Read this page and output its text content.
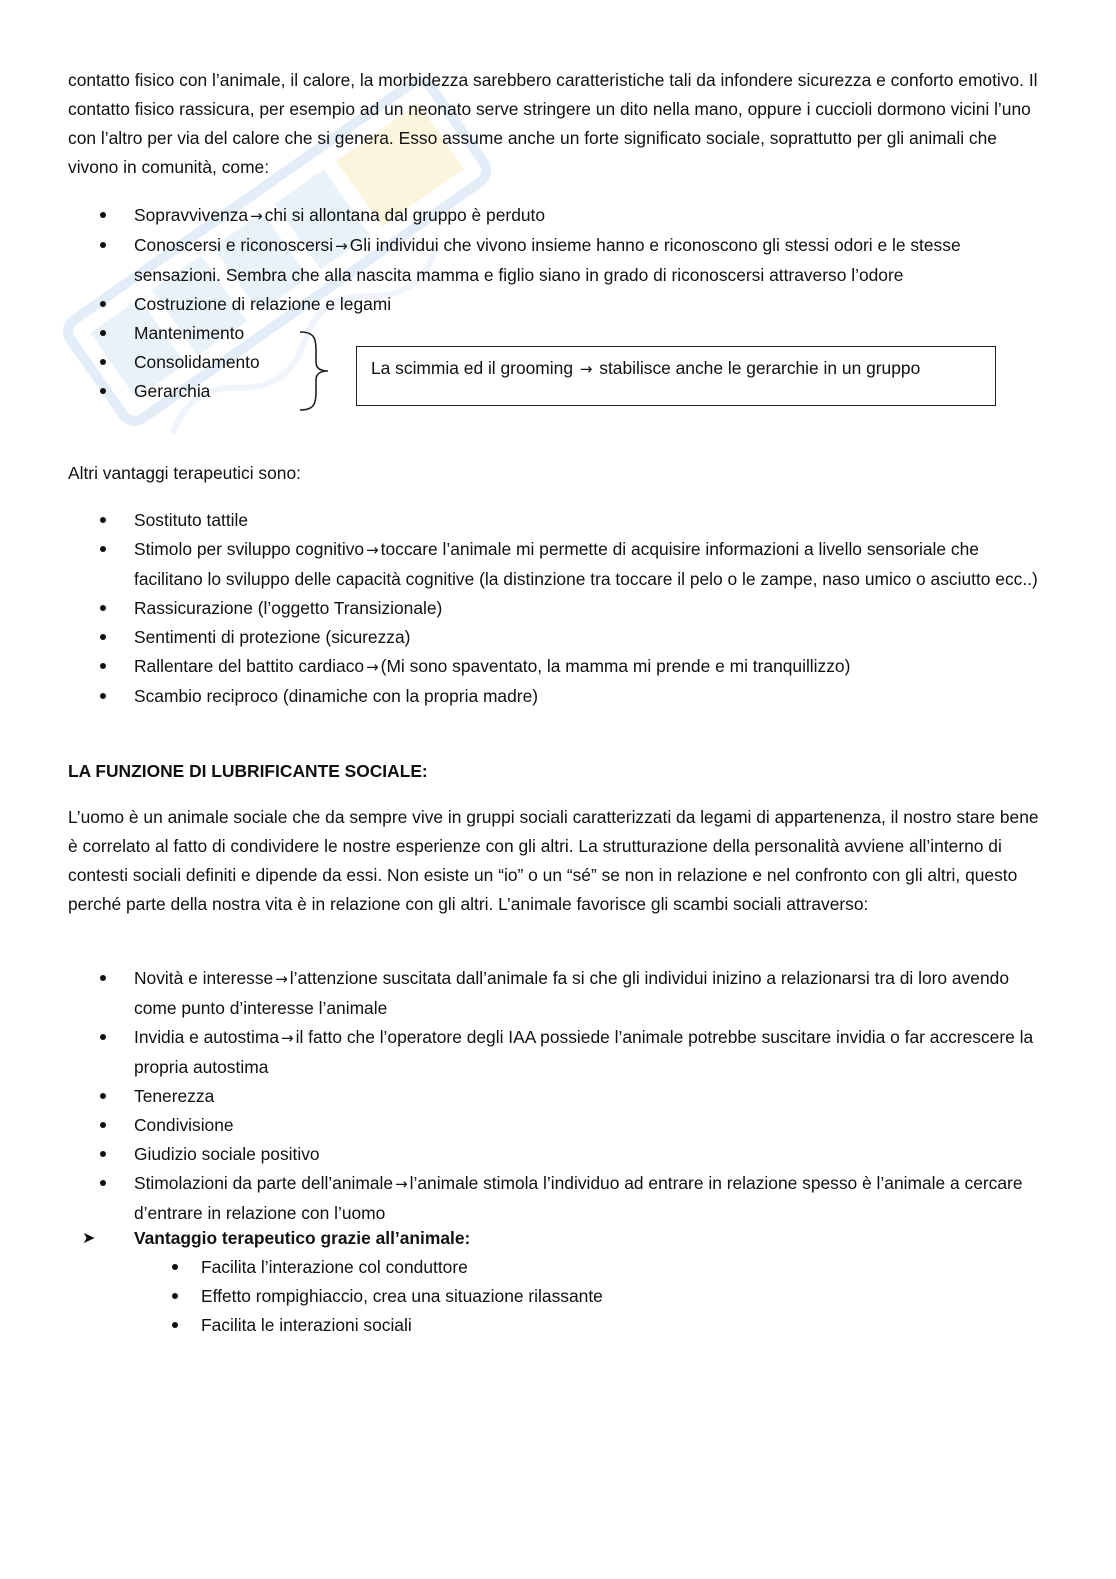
contatto fisico con l’animale, il calore, la morbidezza sarebbero caratteristiche tali da infondere sicurezza e conforto emotivo. Il contatto fisico rassicura, per esempio ad un neonato serve stringere un dito nella mano, oppure i cuccioli dormono vicini l’uno con l’altro per via del calore che si genera. Esso assume anche un forte significato sociale, soprattutto per gli animali che vivono in comunità, come:

Sopravvivenza → chi si allontana dal gruppo è perduto
Conoscersi e riconoscersi → Gli individui che vivono insieme hanno e riconoscono gli stessi odori e le stesse sensazioni. Sembra che alla nascita mamma e figlio siano in grado di riconoscersi attraverso l’odore
Costruzione di relazione e legami
Mantenimento
Consolidamento
Gerarchia
La scimmia ed il grooming → stabilisce anche le gerarchie in un gruppo

Altri vantaggi terapeutici sono:

Sostituto tattile
Stimolo per sviluppo cognitivo → toccare l’animale mi permette di acquisire informazioni a livello sensoriale che facilitano lo sviluppo delle capacità cognitive (la distinzione tra toccare il pelo o le zampe, naso umico o asciutto ecc..)
Rassicurazione (l’oggetto Transizionale)
Sentimenti di protezione (sicurezza)
Rallentare del battito cardiaco → (Mi sono spaventato, la mamma mi prende e mi tranquillizzo)
Scambio reciproco (dinamiche con la propria madre)
LA FUNZIONE DI LUBRIFICANTE SOCIALE:

L’uomo è un animale sociale che da sempre vive in gruppi sociali caratterizzati da legami di appartenenza, il nostro stare bene è correlato al fatto di condividere le nostre esperienze con gli altri. La strutturazione della personalità avviene all’interno di contesti sociali definiti e dipende da essi. Non esiste un “io” o un “sé” se non in relazione e nel confronto con gli altri, questo perché parte della nostra vita è in relazione con gli altri. L’animale favorisce gli scambi sociali attraverso:

Novità e interesse → l’attenzione suscitata dall’animale fa si che gli individui inizino a relazionarsi tra di loro avendo come punto d’interesse l’animale
Invidia e autostima → il fatto che l’operatore degli IAA possiede l’animale potrebbe suscitare invidia o far accrescere la propria autostima
Tenerezza
Condivisione
Giudizio sociale positivo
Stimolazioni da parte dell’animale → l’animale stimola l’individuo ad entrare in relazione spesso è l’animale a cercare d’entrare in relazione con l’uomo
➤ Vantaggio terapeutico grazie all’animale:
Facilita l’interazione col conduttore
Effetto rompighiaccio, crea una situazione rilassante
Facilita le interazioni sociali
